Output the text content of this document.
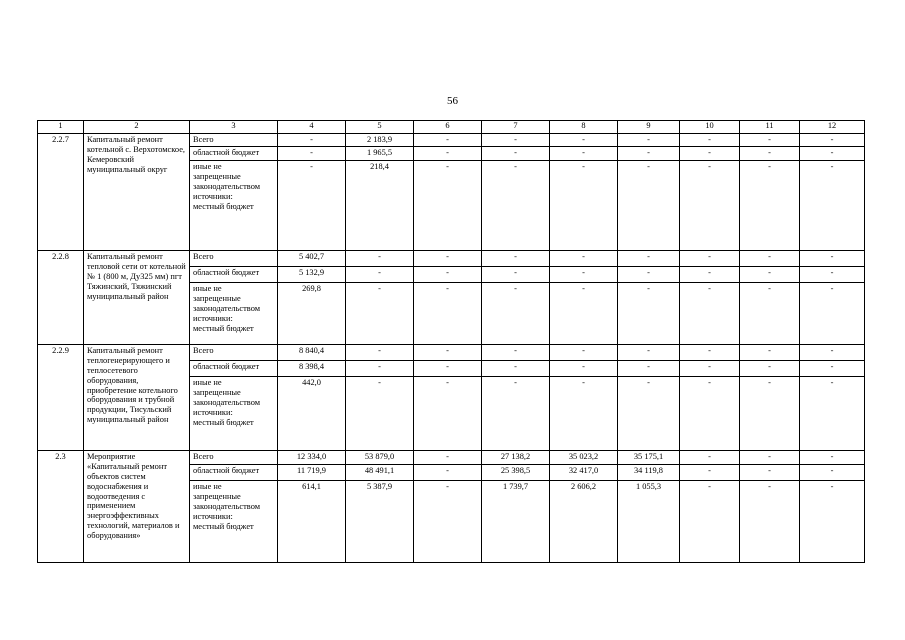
56
1	2	3	4	5	6	7	8	9	10	11	12
2.2.7	Капитальный ремонт котельной с. Верхотомское, Кемеровский муниципальный округ	Всего	-	2 183,9	-	-	-	-	-	-	-
		областной бюджет	-	1 965,5	-	-	-	-	-	-	-

		иные не
запрещенные
законодательством
источники:
местный бюджет	-	218,4	-	-	-	-	-	-	-
2.2.8	Капитальный ремонт тепловой сети от котельной № 1 (800 м, Ду325 мм) пгт Тяжинский, Тяжинский муниципальный район	Всего	5 402,7	-	-	-	-	-	-	-	-
		областной бюджет	5 132,9	-	-	-	-	-	-	-	-

		иные не
запрещенные
законодательством
источники:
местный бюджет	269,8	-	-	-	-	-	-	-	-
2.2.9	Капитальный ремонт теплогенерирующего и теплосетевого оборудования, приобретение котельного оборудования и трубной продукции, Тисульский муниципальный район	Всего	8 840,4	-	-	-	-	-	-	-	-
		областной бюджет	8 398,4	-	-	-	-	-	-	-	-

		иные не
запрещенные
законодательством
источники:
местный бюджет	442,0	-	-	-	-	-	-	-	-
2.3	Мероприятие «Капитальный ремонт объектов систем водоснабжения и водоотведения с применением энергоэффективных технологий, материалов и оборудования»	Всего	12 334,0	53 879,0	-	27 138,2	35 023,2	35 175,1	-	-	-
		областной бюджет	11 719,9	48 491,1	-	25 398,5	32 417,0	34 119,8	-	-	-

		иные не
запрещенные
законодательством
источники:
местный бюджет	614,1	5 387,9	-	1 739,7	2 606,2	1 055,3	-	-	-
